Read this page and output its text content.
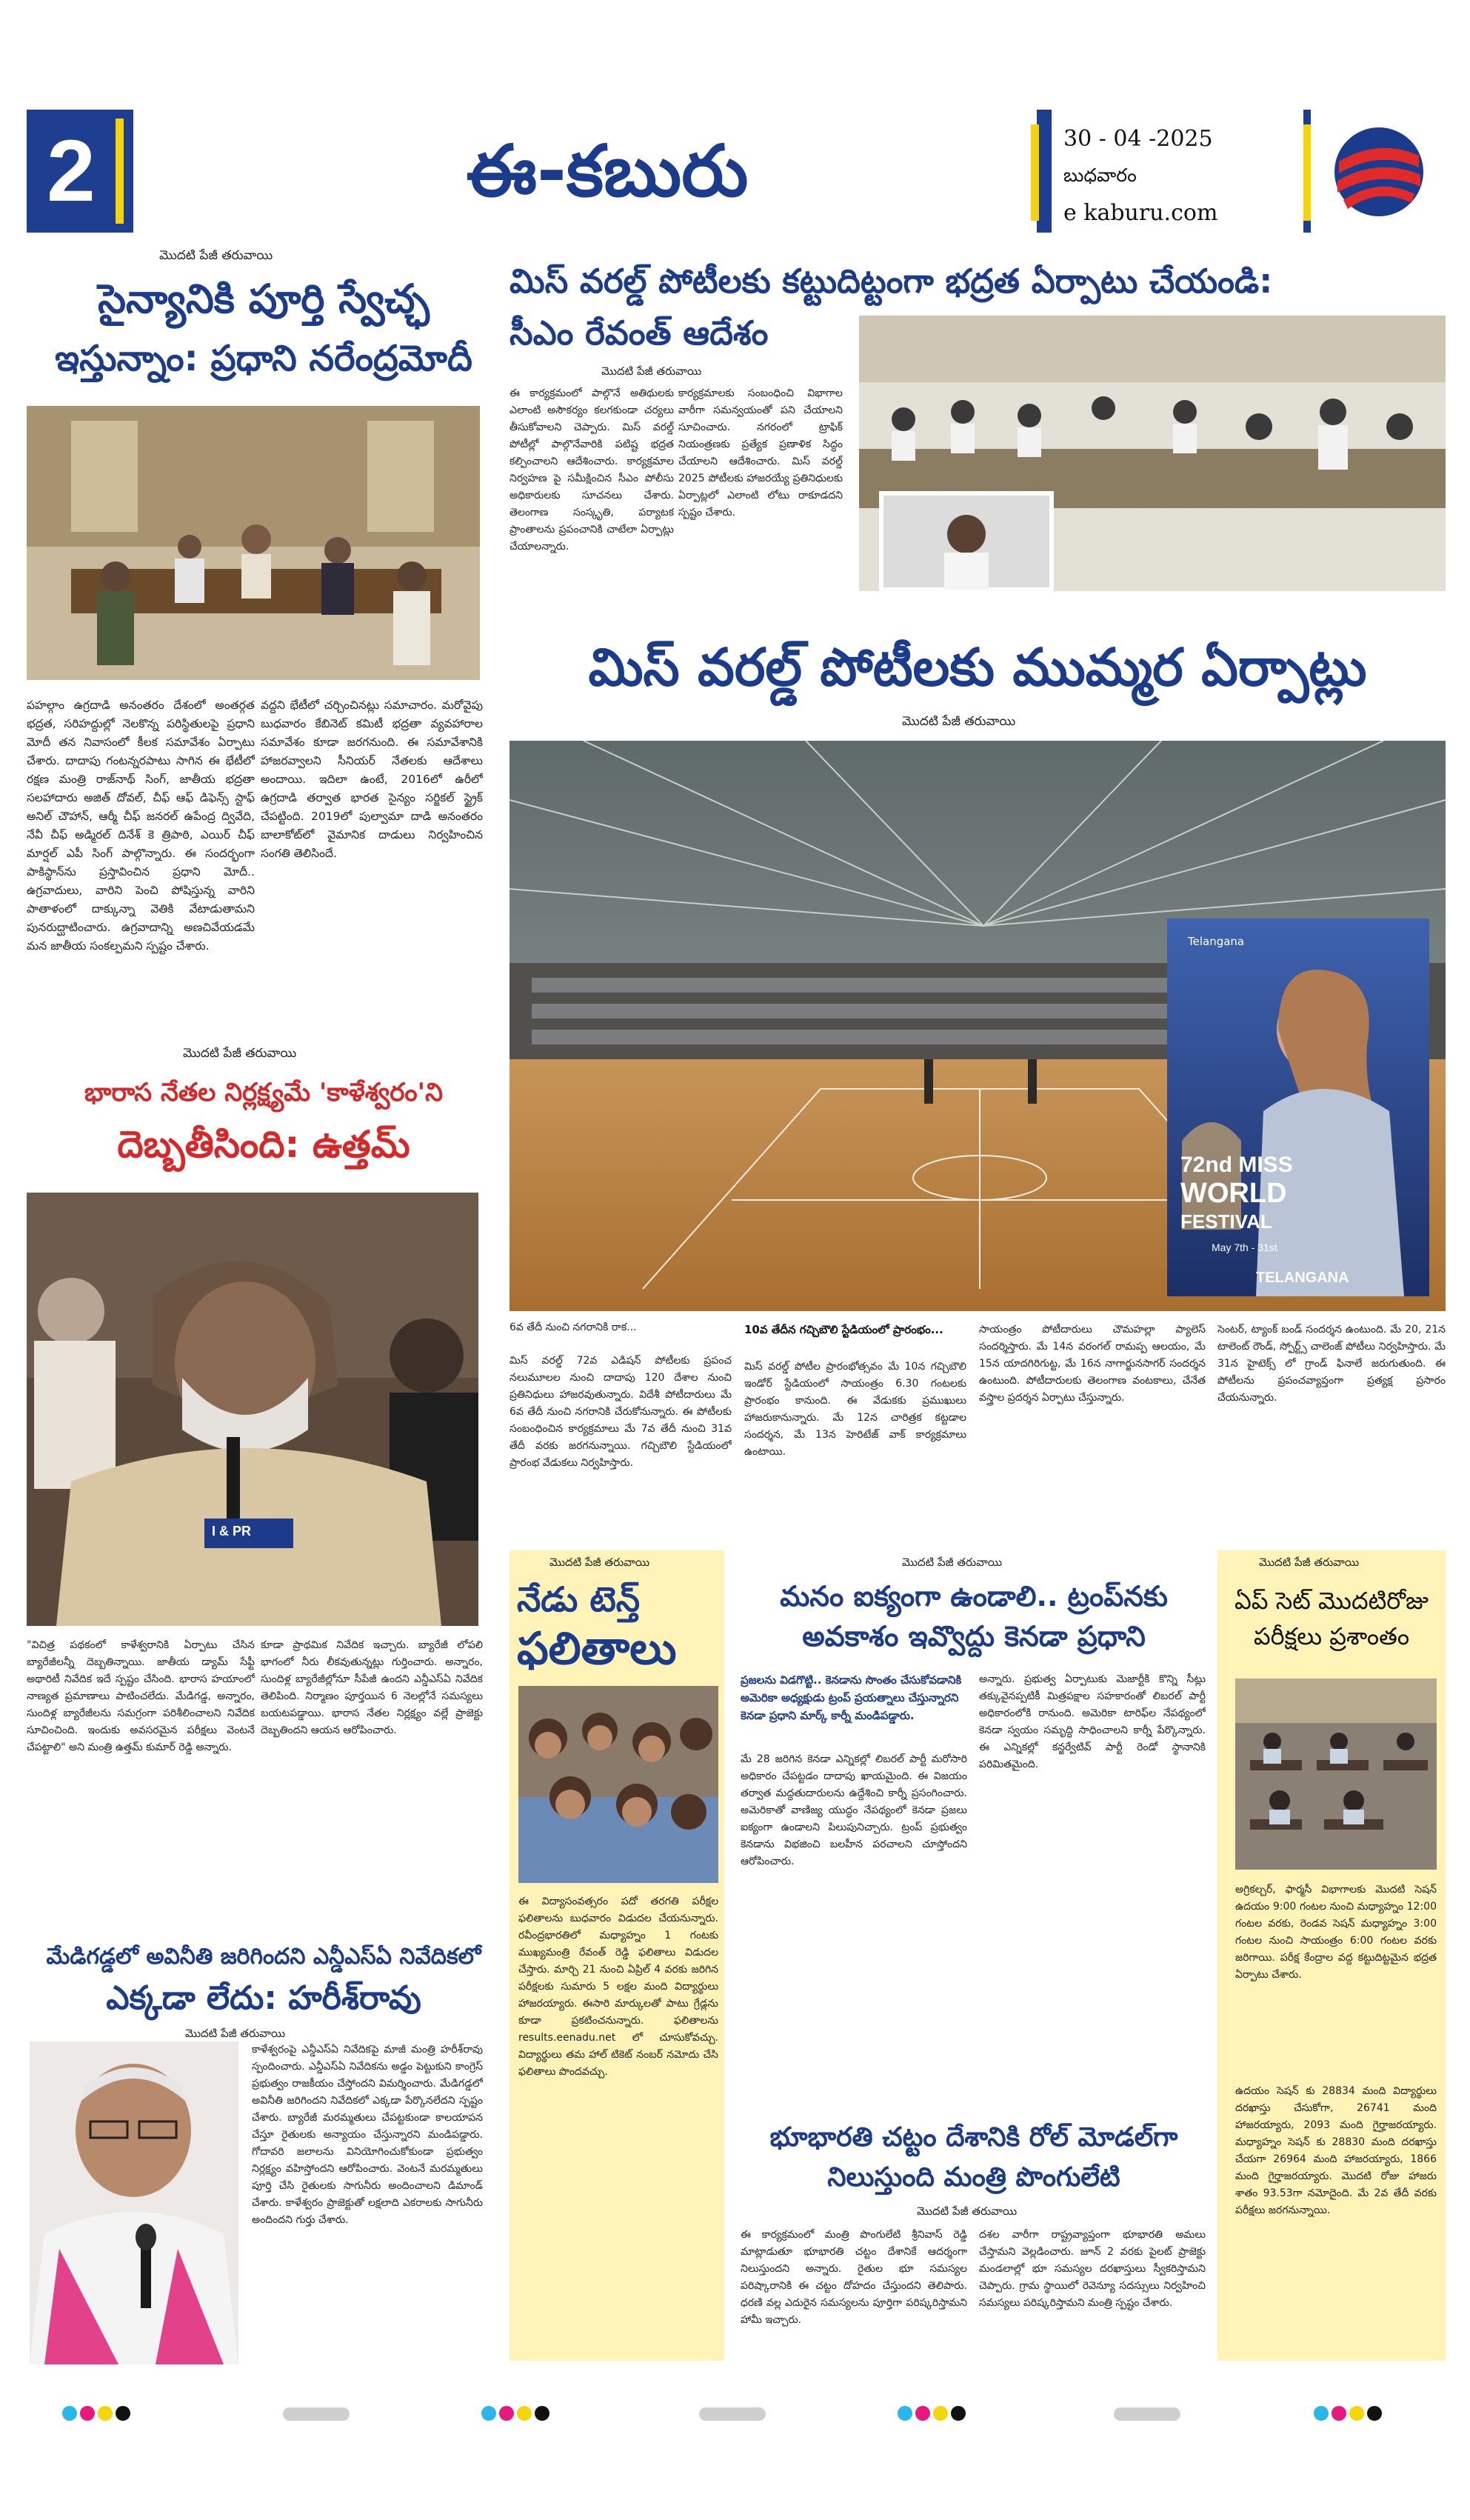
2	ఈ-కబురు	30 - 04 -2025
బుధవారం
e kaburu.com
మొదటి పేజీ తరువాయి
సైన్యానికి పూర్తి స్వేచ్ఛ
ఇస్తున్నాం: ప్రధాని నరేంద్రమోదీ
పహల్గాం ఉగ్రదాడి అనంతరం దేశంలో అంతర్గత భద్రత, సరిహద్దుల్లో నెలకొన్న పరిస్థితులపై ప్రధాని మోదీ తన నివాసంలో కీలక సమావేశం ఏర్పాటు చేశారు. దాదాపు గంటన్నరపాటు సాగిన ఈ భేటీలో రక్షణ మంత్రి రాజ్‌నాథ్ సింగ్, జాతీయ భద్రతా సలహాదారు అజిత్ దోవల్, చీఫ్ ఆఫ్ డిఫెన్స్ స్టాఫ్ అనిల్ చౌహాన్, ఆర్మీ చీఫ్ జనరల్ ఉపేంద్ర ద్వివేది, నేవీ చీఫ్ అడ్మిరల్ దినేశ్ కె త్రిపాఠి, ఎయిర్ చీఫ్ మార్షల్ ఎపీ సింగ్ పాల్గొన్నారు. ఈ సందర్భంగా పాకిస్థాన్‌ను ప్రస్తావించిన ప్రధాని మోదీ.. ఉగ్రవాదులు, వారిని పెంచి పోషిస్తున్న వారిని పాతాళంలో దాక్కున్నా వెతికి వేటాడుతామని పునరుద్ఘాటించారు. ఉగ్రవాదాన్ని అణచివేయడమే మన జాతీయ సంకల్పమని స్పష్టం చేశారు.
వద్దని భేటీలో చర్చించినట్లు సమాచారం. మరోవైపు బుధవారం కేబినెట్ కమిటీ భద్రతా వ్యవహారాల సమావేశం కూడా జరగనుంది. ఈ సమావేశానికి హాజరవ్వాలని సీనియర్ నేతలకు ఆదేశాలు అందాయి. ఇదిలా ఉంటే, 2016లో ఉరీలో ఉగ్రదాడి తర్వాత భారత సైన్యం సర్జికల్ స్ట్రైక్ చేపట్టింది. 2019లో పుల్వామా దాడి అనంతరం బాలాకోట్‌లో వైమానిక దాడులు నిర్వహించిన సంగతి తెలిసిందే.
మిస్ వరల్డ్ పోటీలకు కట్టుదిట్టంగా భద్రత ఏర్పాటు చేయండి:
సీఎం రేవంత్ ఆదేశం
మొదటి పేజీ తరువాయి
ఈ కార్యక్రమంలో పాల్గొనే అతిథులకు ఎలాంటి అసౌకర్యం కలగకుండా చర్యలు తీసుకోవాలని చెప్పారు. మిస్ వరల్డ్ పోటీల్లో పాల్గొనేవారికి పటిష్ట భద్రత కల్పించాలని ఆదేశించారు. కార్యక్రమాల నిర్వహణ పై సమీక్షించిన సీఎం పోలీసు అధికారులకు సూచనలు చేశారు. తెలంగాణ సంస్కృతి, పర్యాటక ప్రాంతాలను ప్రపంచానికి చాటేలా ఏర్పాట్లు చేయాలన్నారు.
కార్యక్రమాలకు సంబంధించి విభాగాల వారీగా సమన్వయంతో పని చేయాలని సూచించారు. నగరంలో ట్రాఫిక్ నియంత్రణకు ప్రత్యేక ప్రణాళిక సిద్ధం చేయాలని ఆదేశించారు. మిస్ వరల్డ్ 2025 పోటీలకు హాజరయ్యే ప్రతినిధులకు ఏర్పాట్లలో ఎలాంటి లోటు రాకూడదని స్పష్టం చేశారు.
మిస్ వరల్డ్ పోటీలకు ముమ్మర ఏర్పాట్లు
మొదటి పేజీ తరువాయి
Telangana
72nd MISS
WORLD
FESTIVAL
May 7th - 31st
TELANGANA
6వ తేదీ నుంచి నగరానికి రాక...
మిస్ వరల్డ్ 72వ ఎడిషన్ పోటీలకు ప్రపంచ నలుమూలల నుంచి దాదాపు 120 దేశాల నుంచి ప్రతినిధులు హాజరవుతున్నారు. విదేశీ పోటీదారులు మే 6వ తేదీ నుంచి నగరానికి చేరుకోనున్నారు. ఈ పోటీలకు సంబంధించిన కార్యక్రమాలు మే 7వ తేదీ నుంచి 31వ తేదీ వరకు జరగనున్నాయి. గచ్చిబౌలి స్టేడియంలో ప్రారంభ వేడుకలు నిర్వహిస్తారు.
10వ తేదీన గచ్చిబౌలి స్టేడియంలో ప్రారంభం...
మిస్ వరల్డ్ పోటీల ప్రారంభోత్సవం మే 10న గచ్చిబౌలి ఇండోర్ స్టేడియంలో సాయంత్రం 6.30 గంటలకు ప్రారంభం కానుంది. ఈ వేడుకకు ప్రముఖులు హాజరుకానున్నారు. మే 12న చారిత్రక కట్టడాల సందర్శన, మే 13న హెరిటేజ్ వాక్ కార్యక్రమాలు ఉంటాయి.
సాయంత్రం పోటీదారులు చౌమహల్లా ప్యాలెస్ సందర్శిస్తారు. మే 14న వరంగల్ రామప్ప ఆలయం, మే 15న యాదగిరిగుట్ట, మే 16న నాగార్జునసాగర్ సందర్శన ఉంటుంది. పోటీదారులకు తెలంగాణ వంటకాలు, చేనేత వస్త్రాల ప్రదర్శన ఏర్పాటు చేస్తున్నారు.
సెంటర్, ట్యాంక్ బండ్ సందర్శన ఉంటుంది. మే 20, 21న టాలెంట్ రౌండ్, స్పోర్ట్స్ చాలెంజ్ పోటీలు నిర్వహిస్తారు. మే 31న హైటెక్స్ లో గ్రాండ్ ఫినాలే జరుగుతుంది. ఈ పోటీలను ప్రపంచవ్యాప్తంగా ప్రత్యక్ష ప్రసారం చేయనున్నారు.
మొదటి పేజీ తరువాయి
భారాస నేతల నిర్లక్ష్యమే 'కాళేశ్వరం'ని
దెబ్బతీసింది: ఉత్తమ్
I & PR
"విచిత్ర పథకంలో కాళేశ్వరానికి ఏర్పాటు చేసిన బ్యారేజీలన్నీ దెబ్బతిన్నాయి. జాతీయ డ్యామ్ సేఫ్టీ అథారిటీ నివేదిక ఇదే స్పష్టం చేసింది. భారాస హయాంలో నాణ్యత ప్రమాణాలు పాటించలేదు. మేడిగడ్డ, అన్నారం, సుందిళ్ల బ్యారేజీలను సమగ్రంగా పరిశీలించాలని నివేదిక సూచించింది. ఇందుకు అవసరమైన పరీక్షలు వెంటనే చేపట్టాలి" అని మంత్రి ఉత్తమ్ కుమార్ రెడ్డి అన్నారు.
కూడా ప్రాథమిక నివేదిక ఇచ్చారు. బ్యారేజీ లోపలి భాగంలో నీరు లీకవుతున్నట్లు గుర్తించారు. అన్నారం, సుందిళ్ల బ్యారేజీల్లోనూ సీపేజీ ఉందని ఎన్డీఎస్ఏ నివేదిక తెలిపింది. నిర్మాణం పూర్తయిన 6 నెలల్లోనే సమస్యలు బయటపడ్డాయి. భారాస నేతల నిర్లక్ష్యం వల్లే ప్రాజెక్టు దెబ్బతిందని ఆయన ఆరోపించారు.
మొదటి పేజీ తరువాయి
నేడు టెన్త్
ఫలితాలు
ఈ విద్యాసంవత్సరం పదో తరగతి పరీక్షల ఫలితాలను బుధవారం విడుదల చేయనున్నారు. రవీంద్రభారతిలో మధ్యాహ్నం 1 గంటకు ముఖ్యమంత్రి రేవంత్ రెడ్డి ఫలితాలు విడుదల చేస్తారు. మార్చి 21 నుంచి ఏప్రిల్ 4 వరకు జరిగిన పరీక్షలకు సుమారు 5 లక్షల మంది విద్యార్థులు హాజరయ్యారు. ఈసారి మార్కులతో పాటు గ్రేడ్లను కూడా ప్రకటించనున్నారు. ఫలితాలను results.eenadu.net లో చూసుకోవచ్చు. విద్యార్థులు తమ హాల్ టికెట్ నంబర్ నమోదు చేసి ఫలితాలు పొందవచ్చు.
మొదటి పేజీ తరువాయి
మనం ఐక్యంగా ఉండాలి.. ట్రంప్‌నకు
అవకాశం ఇవ్వొద్దు కెనడా ప్రధాని
ప్రజలను విడగొట్టి.. కెనడాను సొంతం చేసుకోవడానికి అమెరికా అధ్యక్షుడు ట్రంప్ ప్రయత్నాలు చేస్తున్నారని కెనడా ప్రధాని మార్క్ కార్నీ మండిపడ్డారు.
మే 28 జరిగిన కెనడా ఎన్నికల్లో లిబరల్ పార్టీ మరోసారి అధికారం చేపట్టడం దాదాపు ఖాయమైంది. ఈ విజయం తర్వాత మద్దతుదారులను ఉద్దేశించి కార్నీ ప్రసంగించారు. అమెరికాతో వాణిజ్య యుద్ధం నేపథ్యంలో కెనడా ప్రజలు ఐక్యంగా ఉండాలని పిలుపునిచ్చారు. ట్రంప్ ప్రభుత్వం కెనడాను విభజించి బలహీన పరచాలని చూస్తోందని ఆరోపించారు.
అన్నారు. ప్రభుత్వ ఏర్పాటుకు మెజార్టీకి కొన్ని సీట్లు తక్కువైనప్పటికీ మిత్రపక్షాల సహకారంతో లిబరల్ పార్టీ అధికారంలోకి రానుంది. అమెరికా టారిఫ్‌ల నేపథ్యంలో కెనడా స్వయం సమృద్ధి సాధించాలని కార్నీ పేర్కొన్నారు. ఈ ఎన్నికల్లో కన్జర్వేటివ్ పార్టీ రెండో స్థానానికి పరిమితమైంది.
మొదటి పేజీ తరువాయి
ఏప్ సెట్ మొదటిరోజు
పరీక్షలు ప్రశాంతం
అగ్రికల్చర్, ఫార్మసీ విభాగాలకు మొదటి సెషన్ ఉదయం 9:00 గంటల నుంచి మధ్యాహ్నం 12:00 గంటల వరకు, రెండవ సెషన్ మధ్యాహ్నం 3:00 గంటల నుంచి సాయంత్రం 6:00 గంటల వరకు జరిగాయి. పరీక్ష కేంద్రాల వద్ద కట్టుదిట్టమైన భద్రత ఏర్పాటు చేశారు.
ఉదయం సెషన్ కు 28834 మంది విద్యార్థులు దరఖాస్తు చేసుకోగా, 26741 మంది హాజరయ్యారు, 2093 మంది గైర్హాజరయ్యారు. మధ్యాహ్నం సెషన్ కు 28830 మంది దరఖాస్తు చేయగా 26964 మంది హాజరయ్యారు, 1866 మంది గైర్హాజరయ్యారు. మొదటి రోజు హాజరు శాతం 93.53గా నమోదైంది. మే 2వ తేదీ వరకు పరీక్షలు జరగనున్నాయి.
మేడిగడ్డలో అవినీతి జరిగిందని ఎన్డీఎస్ఏ నివేదికలో
ఎక్కడా లేదు: హరీశ్‌రావు
మొదటి పేజీ తరువాయి
కాళేశ్వరంపై ఎన్డీఎస్ఏ నివేదికపై మాజీ మంత్రి హరీశ్‌రావు స్పందించారు. ఎన్డీఎస్ఏ నివేదికను అడ్డం పెట్టుకుని కాంగ్రెస్ ప్రభుత్వం రాజకీయం చేస్తోందని విమర్శించారు. మేడిగడ్డలో అవినీతి జరిగిందని నివేదికలో ఎక్కడా పేర్కొనలేదని స్పష్టం చేశారు. బ్యారేజీ మరమ్మతులు చేపట్టకుండా కాలయాపన చేస్తూ రైతులకు అన్యాయం చేస్తున్నారని మండిపడ్డారు. గోదావరి జలాలను వినియోగించుకోకుండా ప్రభుత్వం నిర్లక్ష్యం వహిస్తోందని ఆరోపించారు. వెంటనే మరమ్మతులు పూర్తి చేసి రైతులకు సాగునీరు అందించాలని డిమాండ్ చేశారు. కాళేశ్వరం ప్రాజెక్టుతో లక్షలాది ఎకరాలకు సాగునీరు అందిందని గుర్తు చేశారు.
భూభారతి చట్టం దేశానికి రోల్ మోడల్‌గా
నిలుస్తుంది మంత్రి పొంగులేటి
మొదటి పేజీ తరువాయి
ఈ కార్యక్రమంలో మంత్రి పొంగులేటి శ్రీనివాస్ రెడ్డి మాట్లాడుతూ భూభారతి చట్టం దేశానికే ఆదర్శంగా నిలుస్తుందని అన్నారు. రైతుల భూ సమస్యల పరిష్కారానికి ఈ చట్టం దోహదం చేస్తుందని తెలిపారు. ధరణి వల్ల ఎదురైన సమస్యలను పూర్తిగా పరిష్కరిస్తామని హామీ ఇచ్చారు.
దశల వారీగా రాష్ట్రవ్యాప్తంగా భూభారతి అమలు చేస్తామని వెల్లడించారు. జూన్ 2 వరకు పైలట్ ప్రాజెక్టు మండలాల్లో భూ సమస్యల దరఖాస్తులు స్వీకరిస్తామని చెప్పారు. గ్రామ స్థాయిలో రెవెన్యూ సదస్సులు నిర్వహించి సమస్యలు పరిష్కరిస్తామని మంత్రి స్పష్టం చేశారు.
